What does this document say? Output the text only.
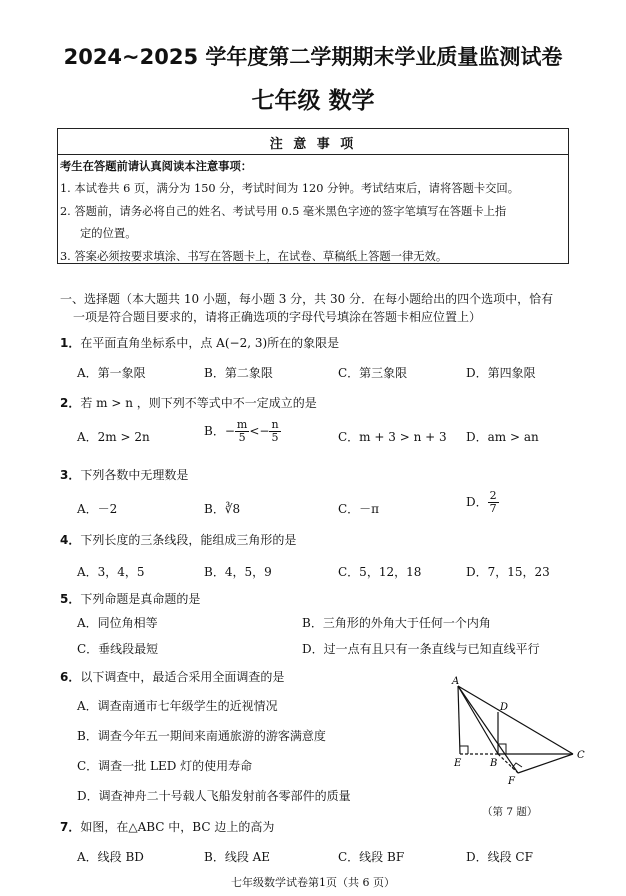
2024~2025 学年度第二学期期末学业质量监测试卷
七年级 数学
注 意 事 项
考生在答题前请认真阅读本注意事项：
1. 本试卷共 6 页，满分为 150 分，考试时间为 120 分钟。考试结束后，请将答题卡交回。
2. 答题前，请务必将自己的姓名、考试号用 0.5 毫米黑色字迹的签字笔填写在答题卡上指
定的位置。
3. 答案必须按要求填涂、书写在答题卡上，在试卷、草稿纸上答题一律无效。
一、选择题（本大题共 10 小题，每小题 3 分，共 30 分．在每小题给出的四个选项中，恰有
一项是符合题目要求的，请将正确选项的字母代号填涂在答题卡相应位置上）
1．在平面直角坐标系中，点 A(−2, 3)所在的象限是
A．第一象限	B．第二象限	C．第三象限	D．第四象限
2．若 m > n ，则下列不等式中不一定成立的是
A．2m > 2n	B．− $\frac{m}{5} <- \frac{n}{5}$	C．m + 3 > n + 3 D．am > an
3．下列各数中无理数是
A．－2	B．∛8	C．－π	D． $\frac{2}{7}$
4．下列长度的三条线段，能组成三角形的是
A．3，4，5	B．4，5，9	C．5，12，18	D．7，15，23
5．下列命题是真命题的是
A．同位角相等	B．三角形的外角大于任何一个内角
C．垂线段最短	D．过一点有且只有一条直线与已知直线平行
6．以下调查中，最适合采用全面调查的是
A．调查南通市七年级学生的近视情况
B．调查今年五一期间来南通旅游的游客满意度
C．调查一批 LED 灯的使用寿命
D．调查神舟二十号载人飞船发射前各零部件的质量
A
D
E	B
C
F
（第 7 题）
7．如图，在△ABC 中，BC 边上的高为
A．线段 BD	B．线段 AE	C．线段 BF	D．线段 CF
七年级数学试卷第1页（共 6 页）
